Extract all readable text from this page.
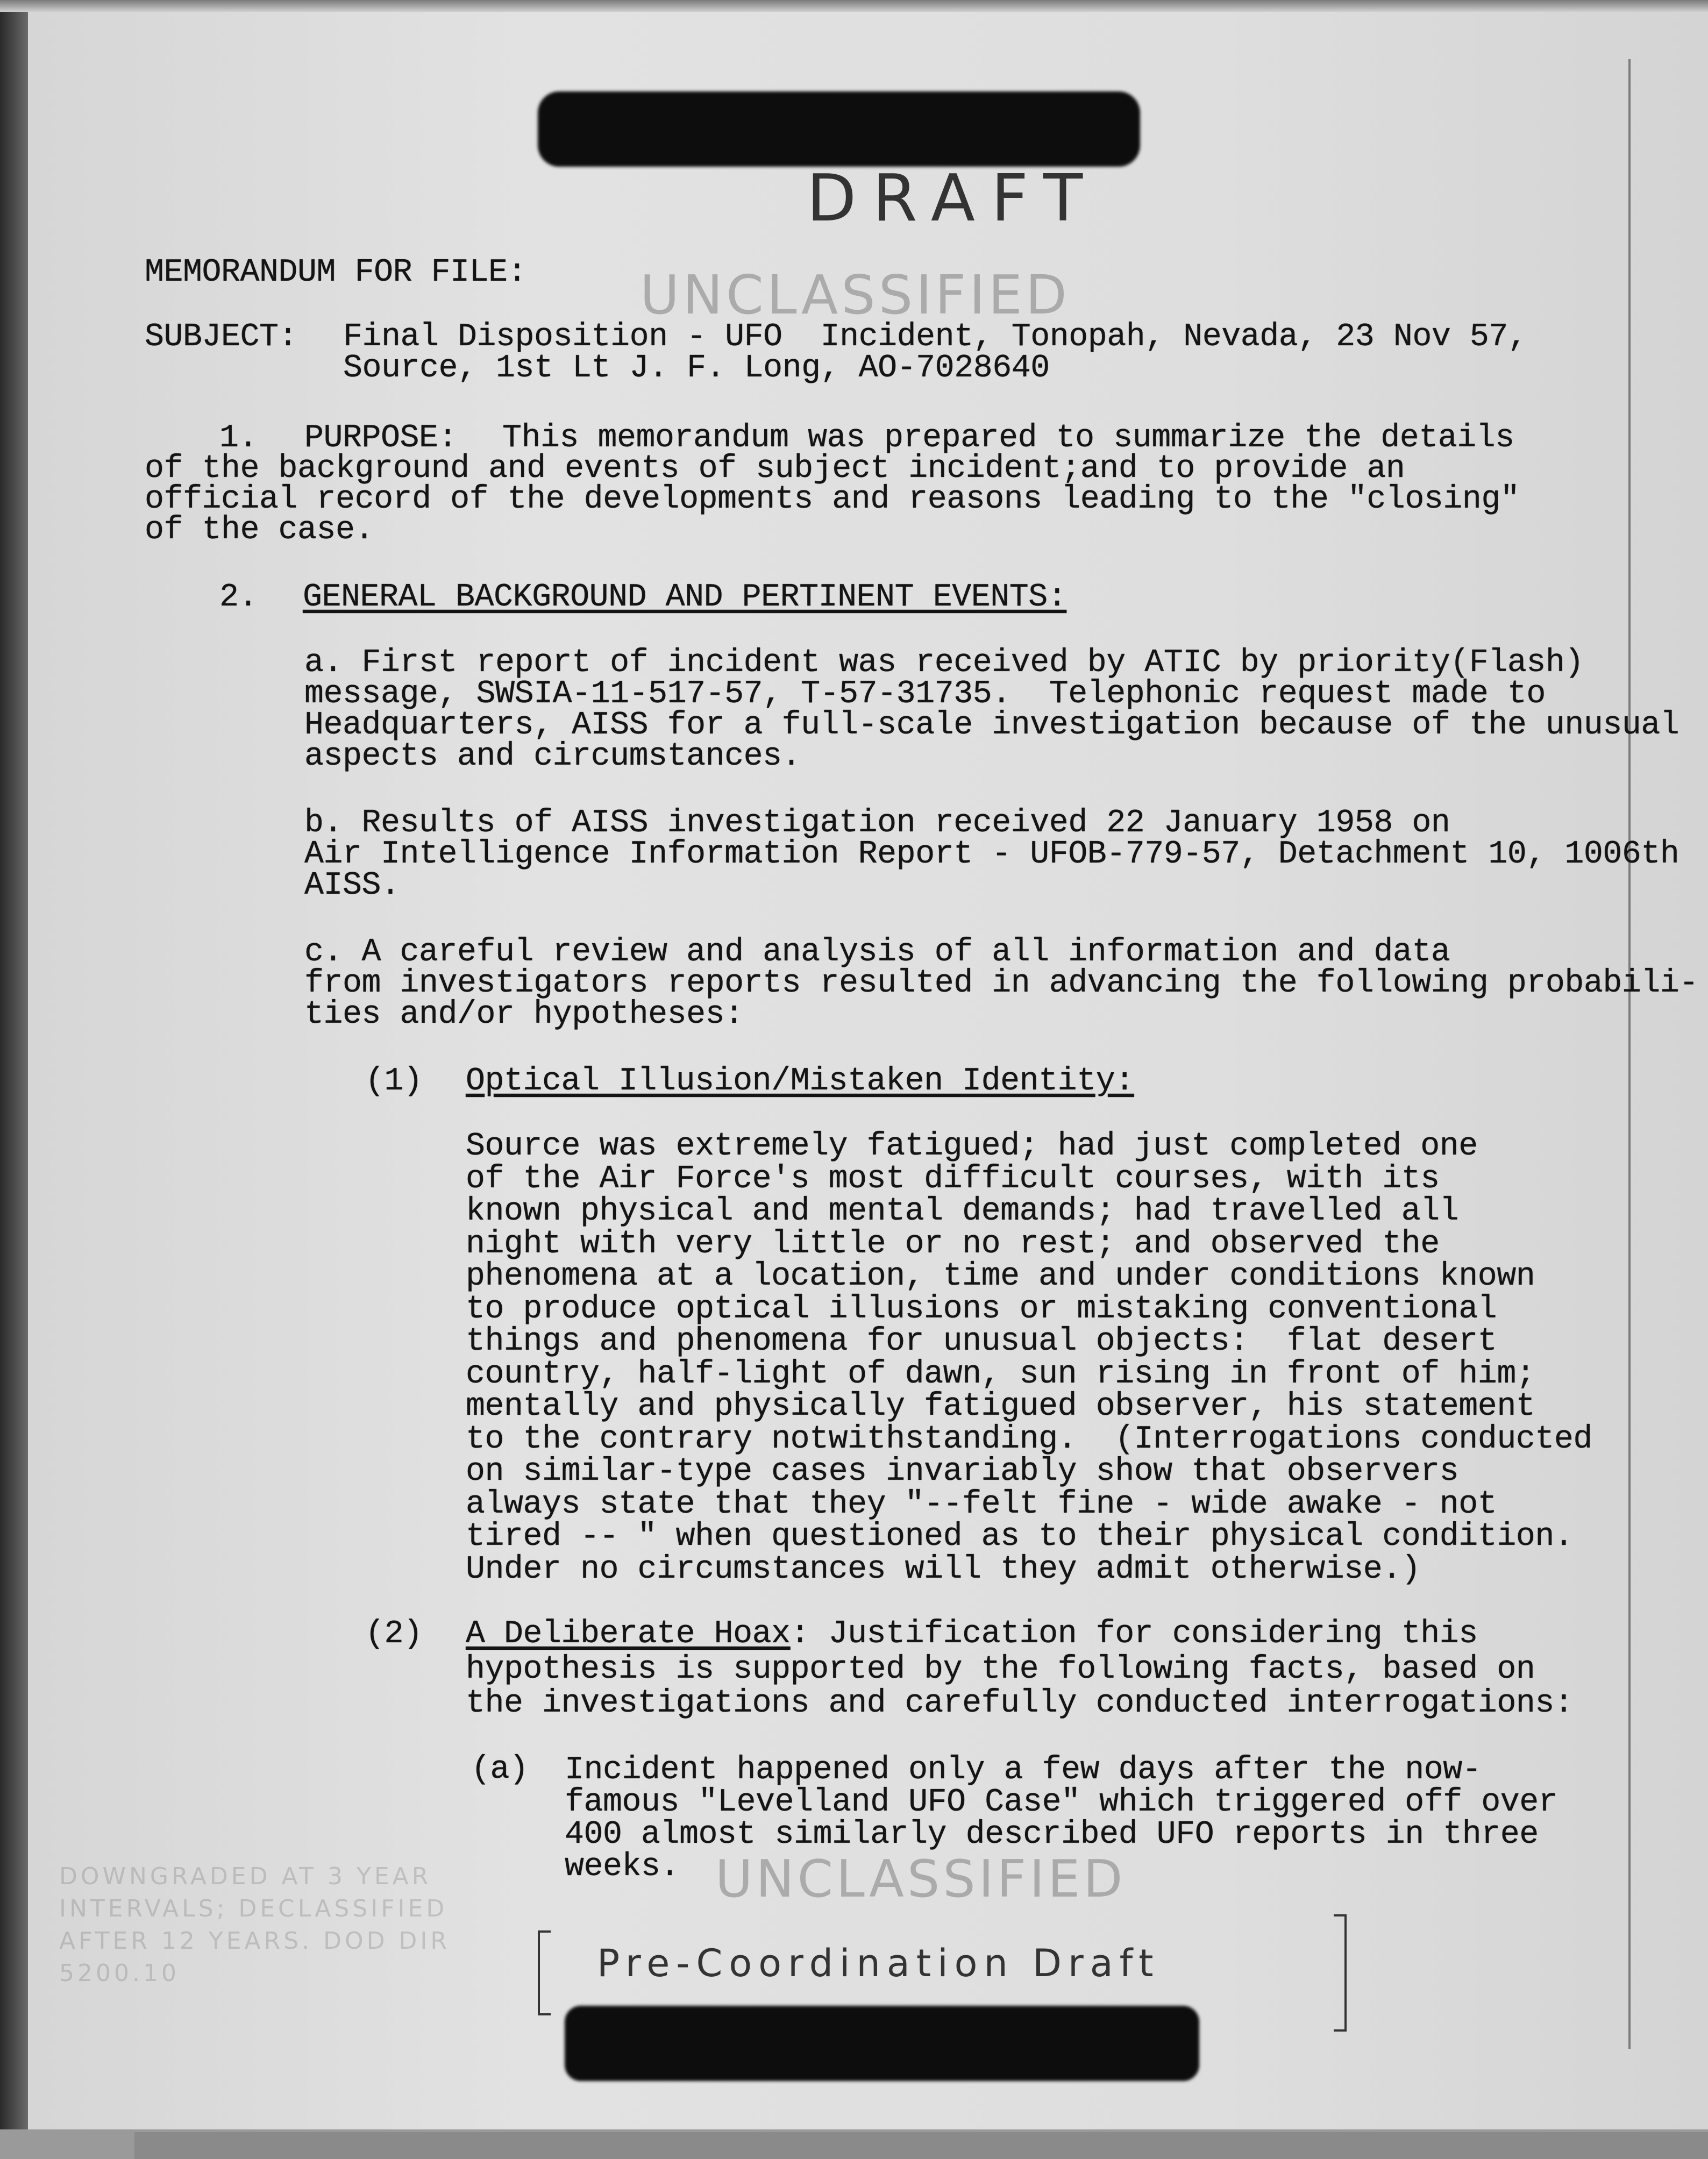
DRAFT
UNCLASSIFIED
MEMORANDUM FOR FILE:
SUBJECT: Final Disposition - UFO  Incident, Tonopah, Nevada, 23 Nov 57,
Source, 1st Lt J. F. Long, AO-7028640
1. PURPOSE: This memorandum was prepared to summarize the details
of the background and events of subject incident;and to provide an
official record of the developments and reasons leading to the "closing"
of the case.
2. GENERAL BACKGROUND AND PERTINENT EVENTS:
a. First report of incident was received by ATIC by priority(Flash)
message, SWSIA-11-517-57, T-57-31735.  Telephonic request made to
Headquarters, AISS for a full-scale investigation because of the unusual
aspects and circumstances.
b. Results of AISS investigation received 22 January 1958 on
Air Intelligence Information Report - UFOB-779-57, Detachment 10, 1006th
AISS.
c. A careful review and analysis of all information and data
from investigators reports resulted in advancing the following probabili-
ties and/or hypotheses:
(1) Optical Illusion/Mistaken Identity:
Source was extremely fatigued; had just completed one
of the Air Force's most difficult courses, with its
known physical and mental demands; had travelled all
night with very little or no rest; and observed the
phenomena at a location, time and under conditions known
to produce optical illusions or mistaking conventional
things and phenomena for unusual objects:  flat desert
country, half-light of dawn, sun rising in front of him;
mentally and physically fatigued observer, his statement
to the contrary notwithstanding.  (Interrogations conducted
on similar-type cases invariably show that observers
always state that they "--felt fine - wide awake - not
tired -- " when questioned as to their physical condition.
Under no circumstances will they admit otherwise.)
(2) A Deliberate Hoax: Justification for considering this
hypothesis is supported by the following facts, based on
the investigations and carefully conducted interrogations:
(a) Incident happened only a few days after the now-
famous "Levelland UFO Case" which triggered off over
400 almost similarly described UFO reports in three
weeks. UNCLASSIFIED
DOWNGRADED AT 3 YEAR INTERVALS; DECLASSIFIED AFTER 12 YEARS. DOD DIR 5200.10	Pre-Coordination Draft
